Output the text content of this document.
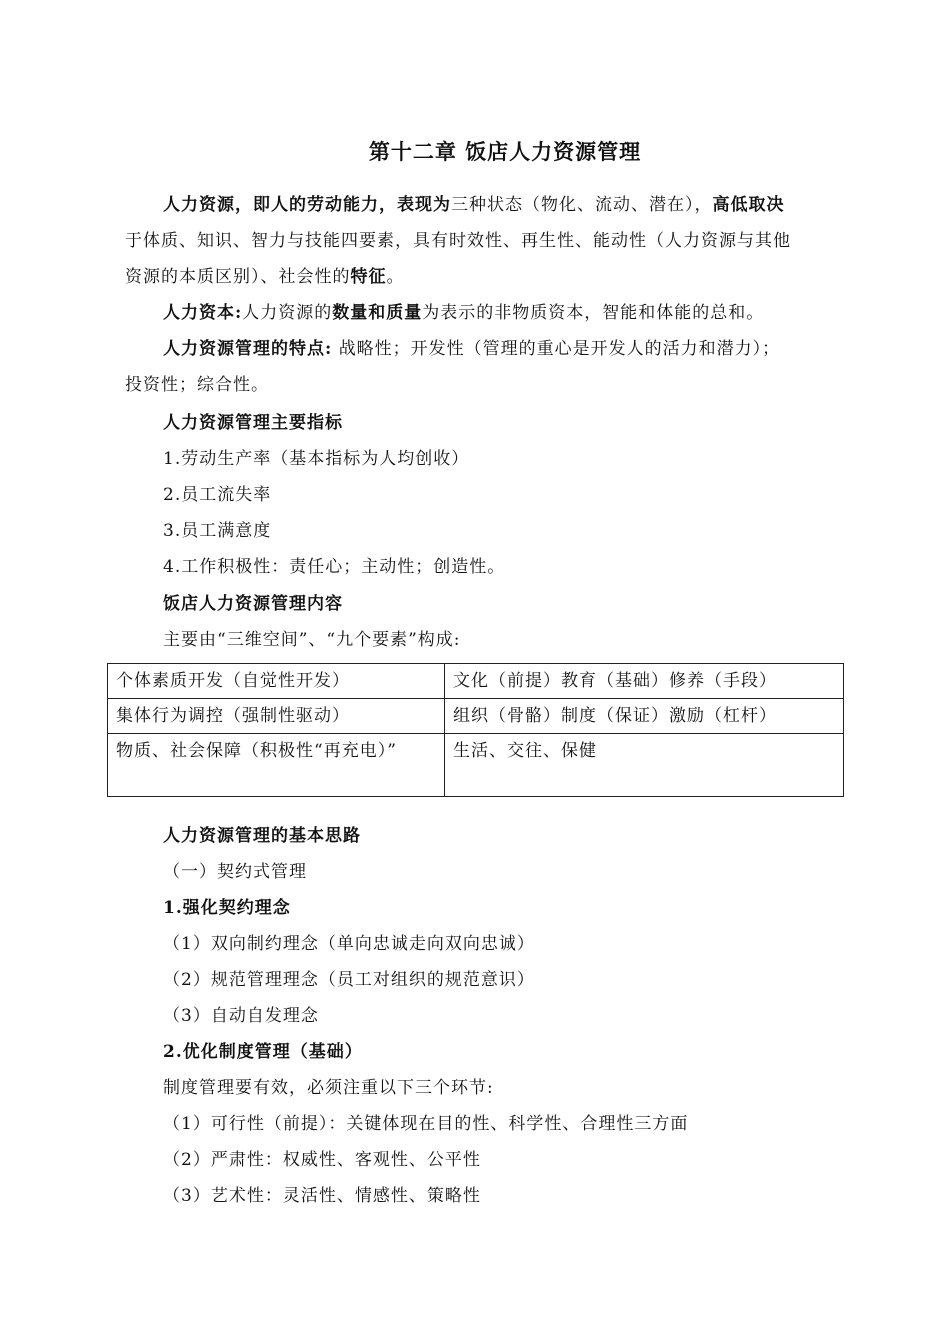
第十二章 饭店人力资源管理
人力资源，即人的劳动能力，表现为三种状态（物化、流动、潜在），高低取决
于体质、知识、智力与技能四要素，具有时效性、再生性、能动性（人力资源与其他
资源的本质区别）、社会性的特征。
人力资本:人力资源的数量和质量为表示的非物质资本，智能和体能的总和。
人力资源管理的特点: 战略性；开发性（管理的重心是开发人的活力和潜力）；
投资性；综合性。
人力资源管理主要指标
1.劳动生产率（基本指标为人均创收）
2.员工流失率
3.员工满意度
4.工作积极性：责任心；主动性；创造性。
饭店人力资源管理内容
主要由“三维空间”、“九个要素”构成:
个体素质开发（自觉性开发）	文化（前提）教育（基础）修养（手段）
集体行为调控（强制性驱动）	组织（骨骼）制度（保证）激励（杠杆）
物质、社会保障（积极性“再充电）”	生活、交往、保健
人力资源管理的基本思路
（一）契约式管理
1.强化契约理念
（1）双向制约理念（单向忠诚走向双向忠诚）
（2）规范管理理念（员工对组织的规范意识）
（3）自动自发理念
2.优化制度管理（基础）
制度管理要有效，必须注重以下三个环节:
（1）可行性（前提）：关键体现在目的性、科学性、合理性三方面
（2）严肃性：权威性、客观性、公平性
（3）艺术性：灵活性、情感性、策略性
